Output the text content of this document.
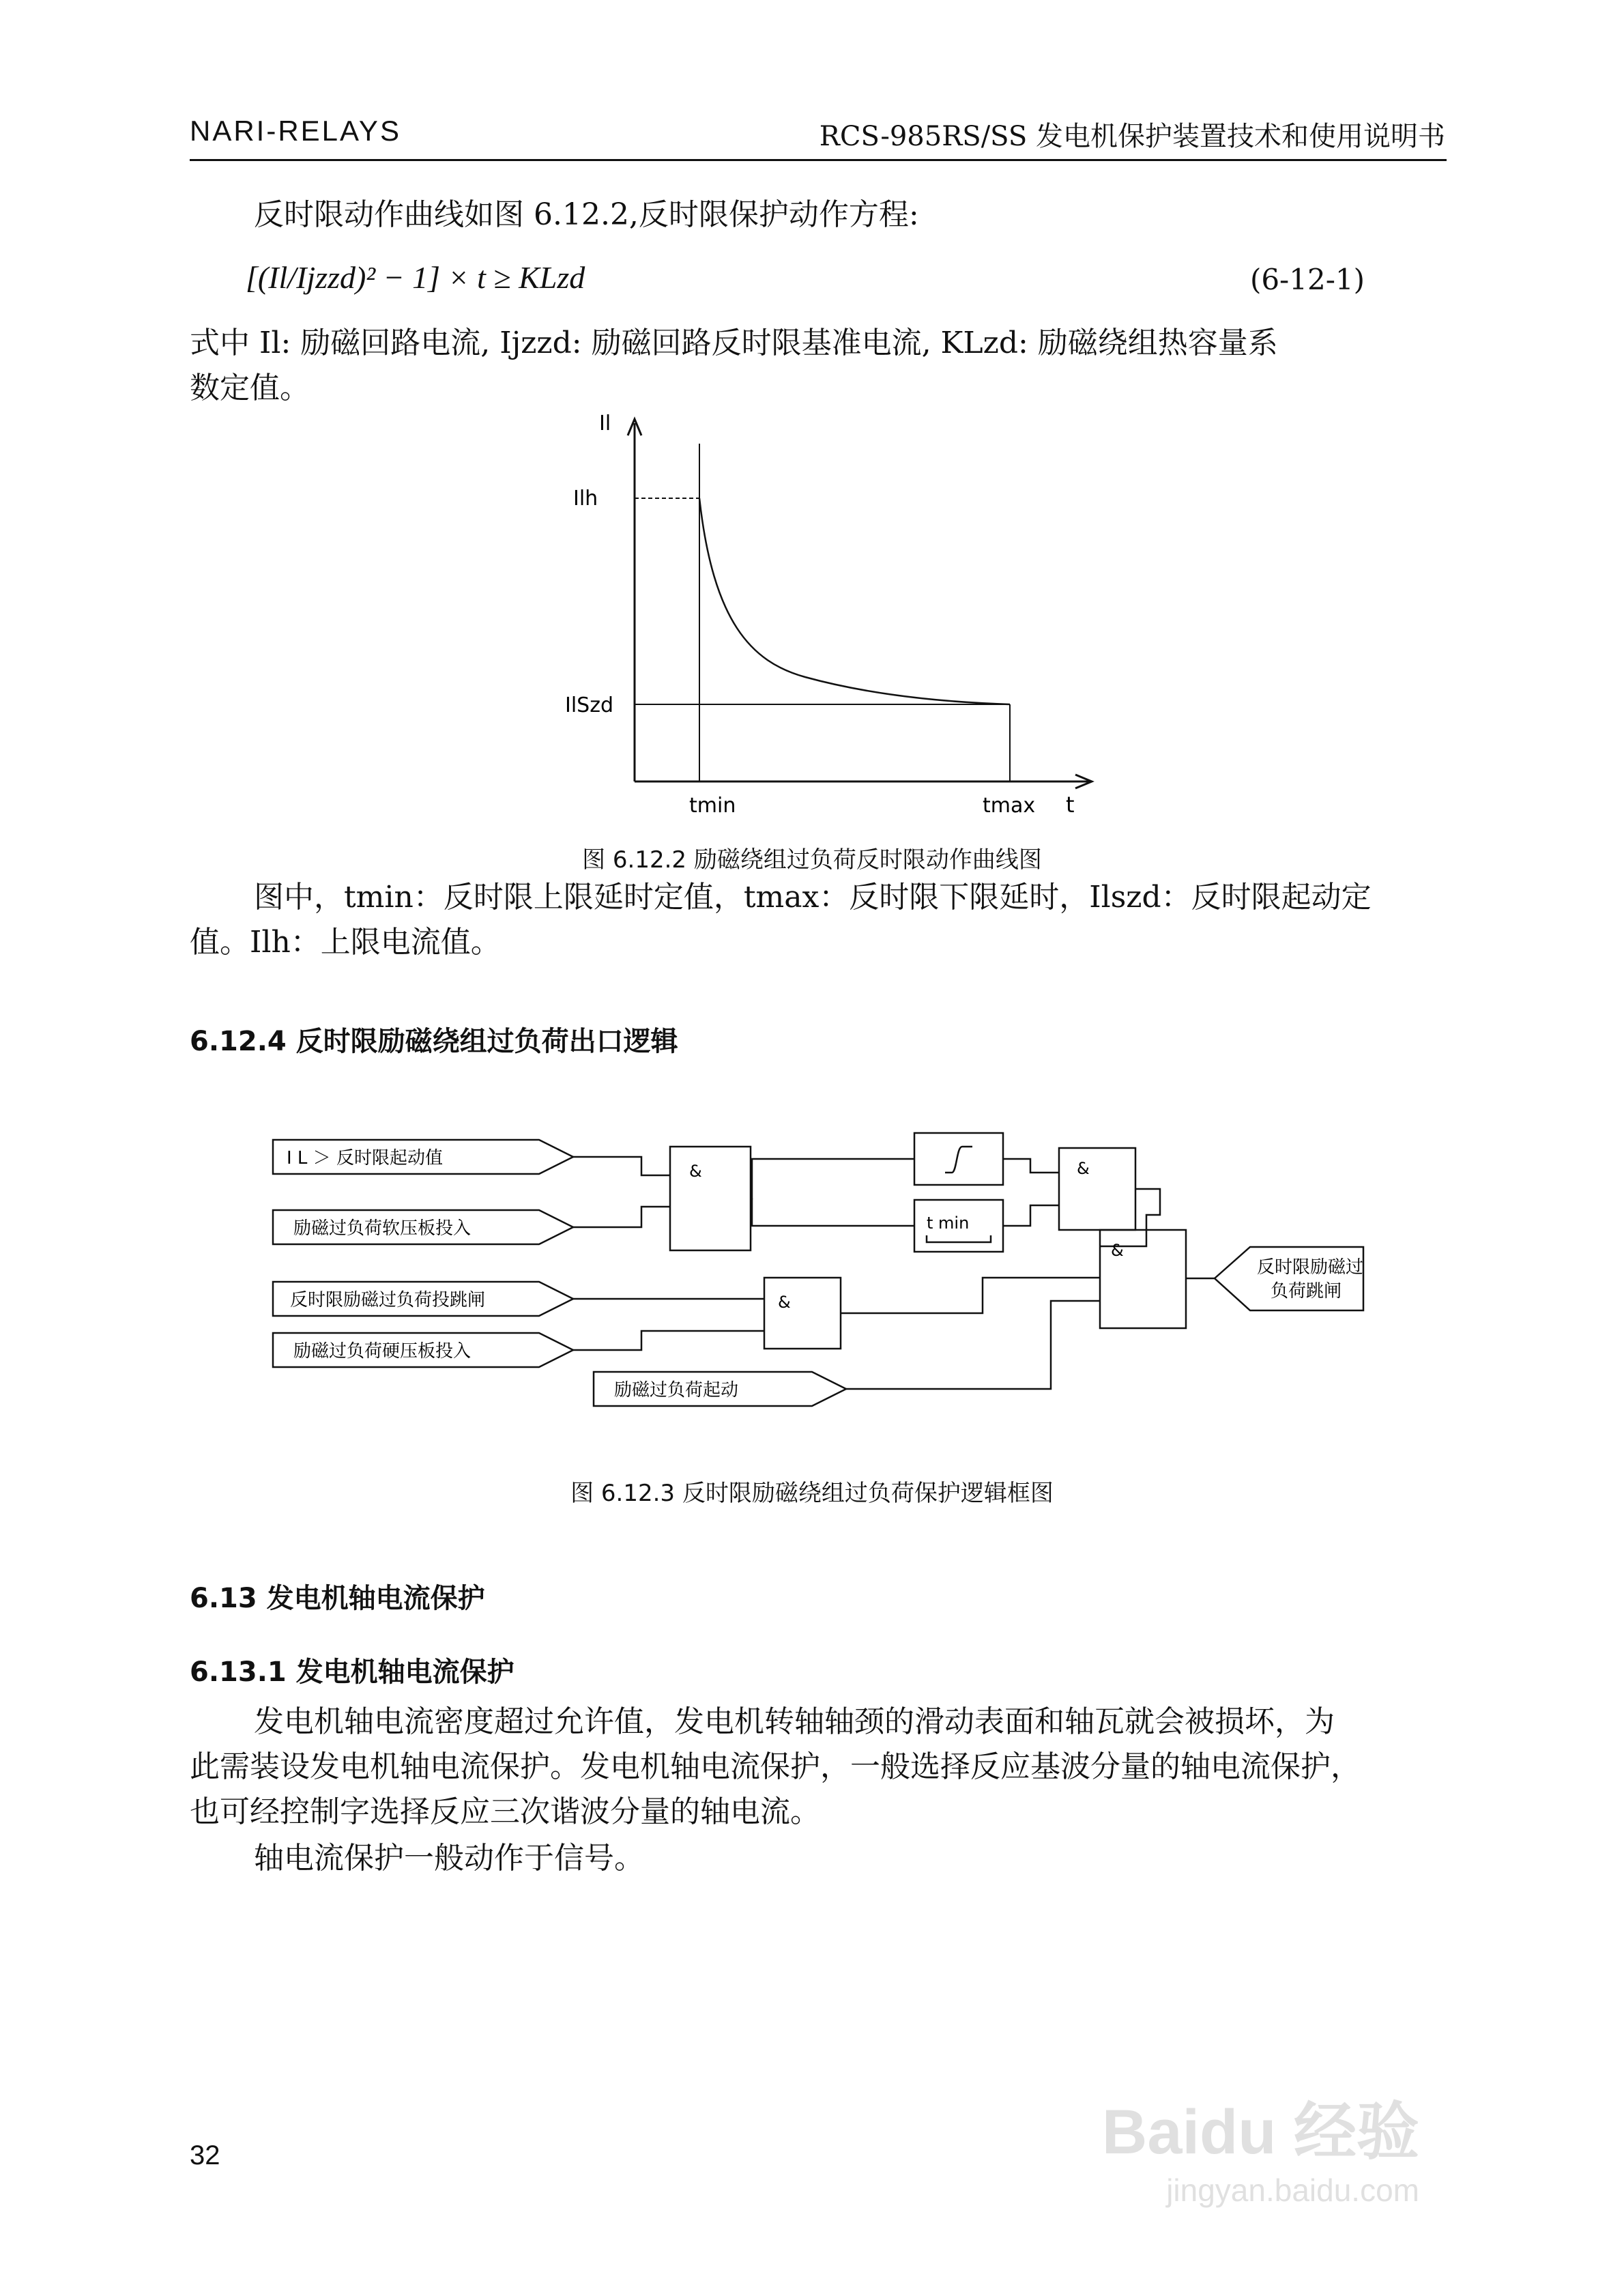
NARI-RELAYS	RCS-985RS/SS 发电机保护装置技术和使用说明书
反时限动作曲线如图 6.12.2,反时限保护动作方程:
[(Il/Ijzzd)² − 1] × t ≥ KLzd	(6-12-1)
式中 Il: 励磁回路电流, Ijzzd: 励磁回路反时限基准电流, KLzd: 励磁绕组热容量系
数定值。
Il
Ilh
IlSzd
tmin	tmax t
图 6.12.2 励磁绕组过负荷反时限动作曲线图
图中，tmin：反时限上限延时定值，tmax：反时限下限延时，Ilszd：反时限起动定
值。Ilh：上限电流值。
6.12.4 反时限励磁绕组过负荷出口逻辑
&	&
&
&
t min
I L ＞ 反时限起动值
励磁过负荷软压板投入
反时限励磁过负荷投跳闸
励磁过负荷硬压板投入
励磁过负荷起动
反时限励磁过
负荷跳闸
图 6.12.3 反时限励磁绕组过负荷保护逻辑框图
6.13 发电机轴电流保护
6.13.1 发电机轴电流保护
发电机轴电流密度超过允许值，发电机转轴轴颈的滑动表面和轴瓦就会被损坏，为
此需装设发电机轴电流保护。发电机轴电流保护，一般选择反应基波分量的轴电流保护，
也可经控制字选择反应三次谐波分量的轴电流。
轴电流保护一般动作于信号。
32	Baidu 经验
jingyan.baidu.com
